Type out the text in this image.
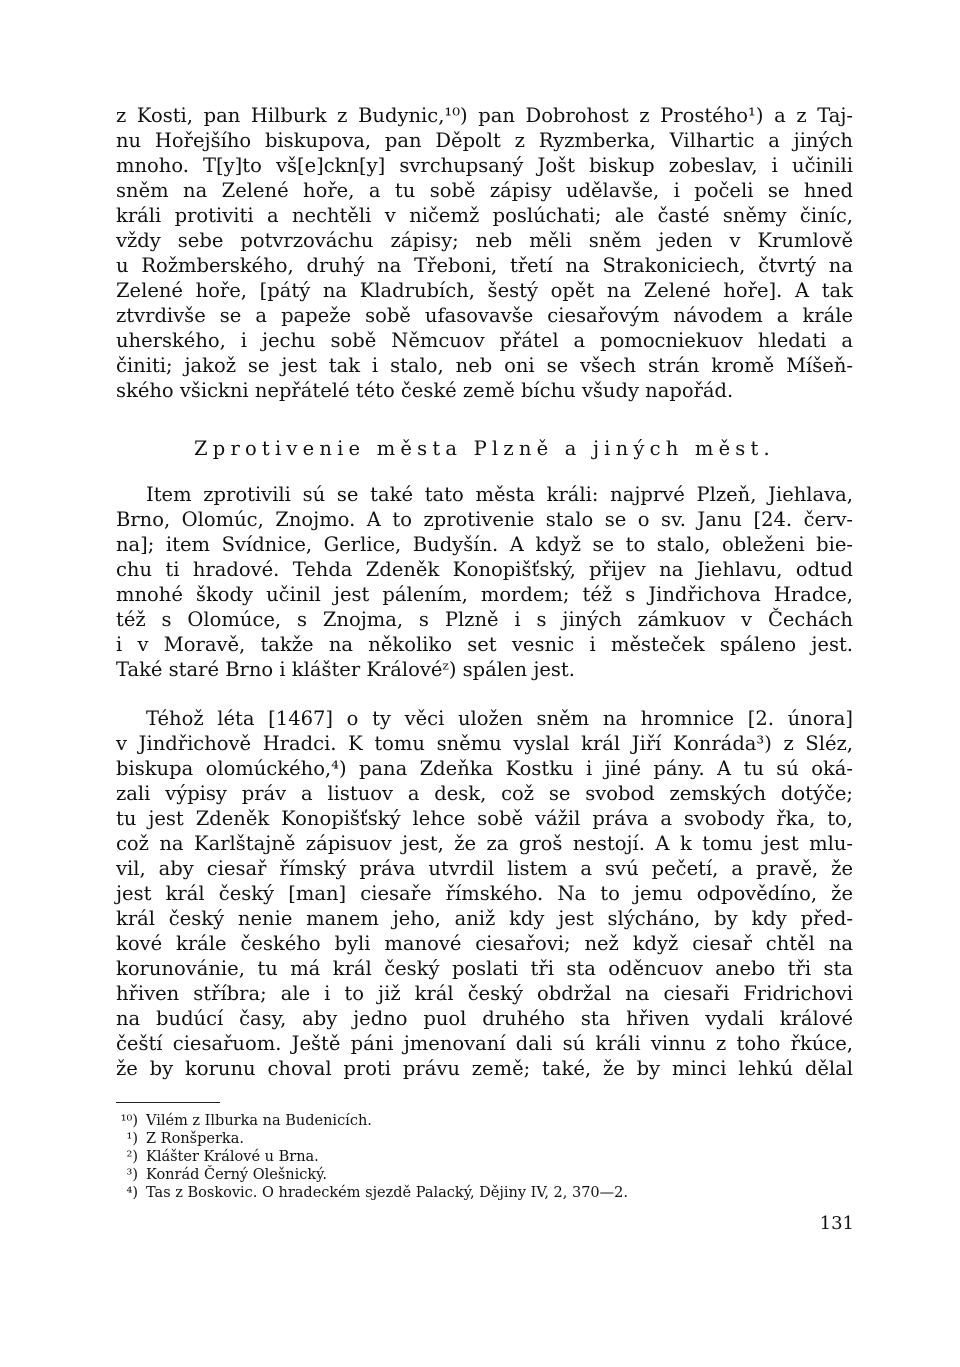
z Kosti, pan Hilburk z Budynic,¹⁰) pan Dobrohost z Prostého¹) a z Taj-
nu Hořejšího biskupova, pan Děpolt z Ryzmberka, Vilhartic a jiných
mnoho. T[y]to vš[e]ckn[y] svrchupsaný Jošt biskup zobeslav, i učinili
sněm na Zelené hoře, a tu sobě zápisy udělavše, i počeli se hned
králi protiviti a nechtěli v ničemž poslúchati; ale časté sněmy činíc,
vždy sebe potvrzováchu zápisy; neb měli sněm jeden v Krumlově
u Rožmberského, druhý na Třeboni, třetí na Strakoniciech, čtvrtý na
Zelené hoře, [pátý na Kladrubích, šestý opět na Zelené hoře]. A tak
ztvrdivše se a papeže sobě ufasovavše ciesařovým návodem a krále
uherského, i jechu sobě Němcuov přátel a pomocniekuov hledati a
činiti; jakož se jest tak i stalo, neb oni se všech strán kromě Míšeň-
ského všickni nepřátelé této české země bíchu všudy napořád.
Zprotivenie města Plzně a jiných měst.
Item zprotivili sú se také tato města králi: najprvé Plzeň, Jiehlava,
Brno, Olomúc, Znojmo. A to zprotivenie stalo se o sv. Janu [24. červ-
na]; item Svídnice, Gerlice, Budyšín. A když se to stalo, obleženi bie-
chu ti hradové. Tehda Zdeněk Konopišťský, přijev na Jiehlavu, odtud
mnohé škody učinil jest pálením, mordem; též s Jindřichova Hradce,
též s Olomúce, s Znojma, s Plzně i s jiných zámkuov v Čechách
i v Moravě, takže na několiko set vesnic i městeček spáleno jest.
Také staré Brno i klášter Královéᶻ) spálen jest.
Téhož léta [1467] o ty věci uložen sněm na hromnice [2. února]
v Jindřichově Hradci. K tomu sněmu vyslal král Jiří Konráda³) z Sléz,
biskupa olomúckého,⁴) pana Zdeňka Kostku i jiné pány. A tu sú oká-
zali výpisy práv a listuov a desk, což se svobod zemských dotýče;
tu jest Zdeněk Konopišťský lehce sobě vážil práva a svobody řka, to,
což na Karlštajně zápisuov jest, že za groš nestojí. A k tomu jest mlu-
vil, aby ciesař římský práva utvrdil listem a svú pečetí, a pravě, že
jest král český [man] ciesaře římského. Na to jemu odpovědíno, že
král český nenie manem jeho, aniž kdy jest slýcháno, by kdy před-
kové krále českého byli manové ciesařovi; než když ciesař chtěl na
korunovánie, tu má král český poslati tři sta oděncuov anebo tři sta
hřiven stříbra; ale i to již král český obdržal na ciesaři Fridrichovi
na budúcí časy, aby jedno puol druhého sta hřiven vydali králové
čeští ciesařuom. Ještě páni jmenovaní dali sú králi vinnu z toho řkúce,
že by korunu choval proti právu země; také, že by minci lehkú dělal
¹⁰) Vilém z Ilburka na Budenicích.
¹) Z Ronšperka.
²) Klášter Králové u Brna.
³) Konrád Černý Olešnický.
⁴) Tas z Boskovic. O hradeckém sjezdě Palacký, Dějiny IV, 2, 370—2.
131
